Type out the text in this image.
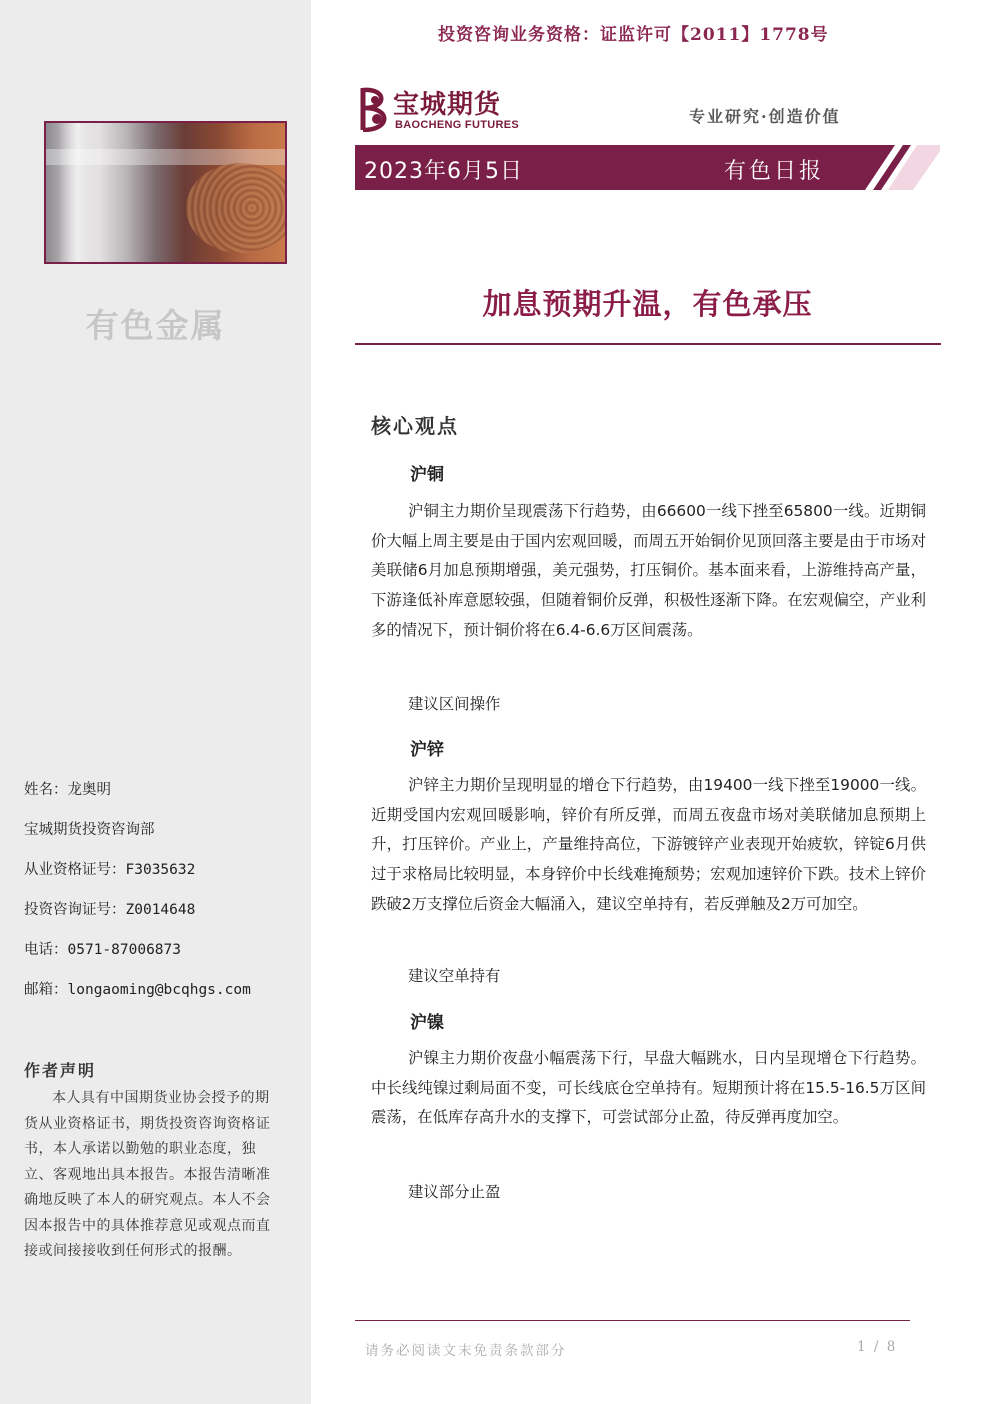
有色金属
姓名：龙奥明
宝城期货投资咨询部
从业资格证号：F3035632
投资咨询证号：Z0014648
电话：0571-87006873
邮箱：longaoming@bcqhgs.com
作者声明
本人具有中国期货业协会授予的期货从业资格证书，期货投资咨询资格证书，本人承诺以勤勉的职业态度，独立、客观地出具本报告。本报告清晰准确地反映了本人的研究观点。本人不会因本报告中的具体推荐意见或观点而直接或间接接收到任何形式的报酬。
投资咨询业务资格：证监许可【2011】1778号
宝城期货
BAOCHENG FUTURES	专业研究·创造价值
2023年6月5日	有色日报
加息预期升温，有色承压
核心观点
沪铜
沪铜主力期价呈现震荡下行趋势，由66600一线下挫至65800一线。近期铜价大幅上周主要是由于国内宏观回暖，而周五开始铜价见顶回落主要是由于市场对美联储6月加息预期增强，美元强势，打压铜价。基本面来看，上游维持高产量，下游逢低补库意愿较强，但随着铜价反弹，积极性逐渐下降。在宏观偏空，产业利多的情况下，预计铜价将在6.4-6.6万区间震荡。
建议区间操作
沪锌
沪锌主力期价呈现明显的增仓下行趋势，由19400一线下挫至19000一线。近期受国内宏观回暖影响，锌价有所反弹，而周五夜盘市场对美联储加息预期上升，打压锌价。产业上，产量维持高位，下游镀锌产业表现开始疲软，锌锭6月供过于求格局比较明显，本身锌价中长线难掩颓势；宏观加速锌价下跌。技术上锌价跌破2万支撑位后资金大幅涌入，建议空单持有，若反弹触及2万可加空。
建议空单持有
沪镍
沪镍主力期价夜盘小幅震荡下行，早盘大幅跳水，日内呈现增仓下行趋势。中长线纯镍过剩局面不变，可长线底仓空单持有。短期预计将在15.5-16.5万区间震荡，在低库存高升水的支撑下，可尝试部分止盈，待反弹再度加空。
建议部分止盈
请务必阅读文末免责条款部分	1 / 8
